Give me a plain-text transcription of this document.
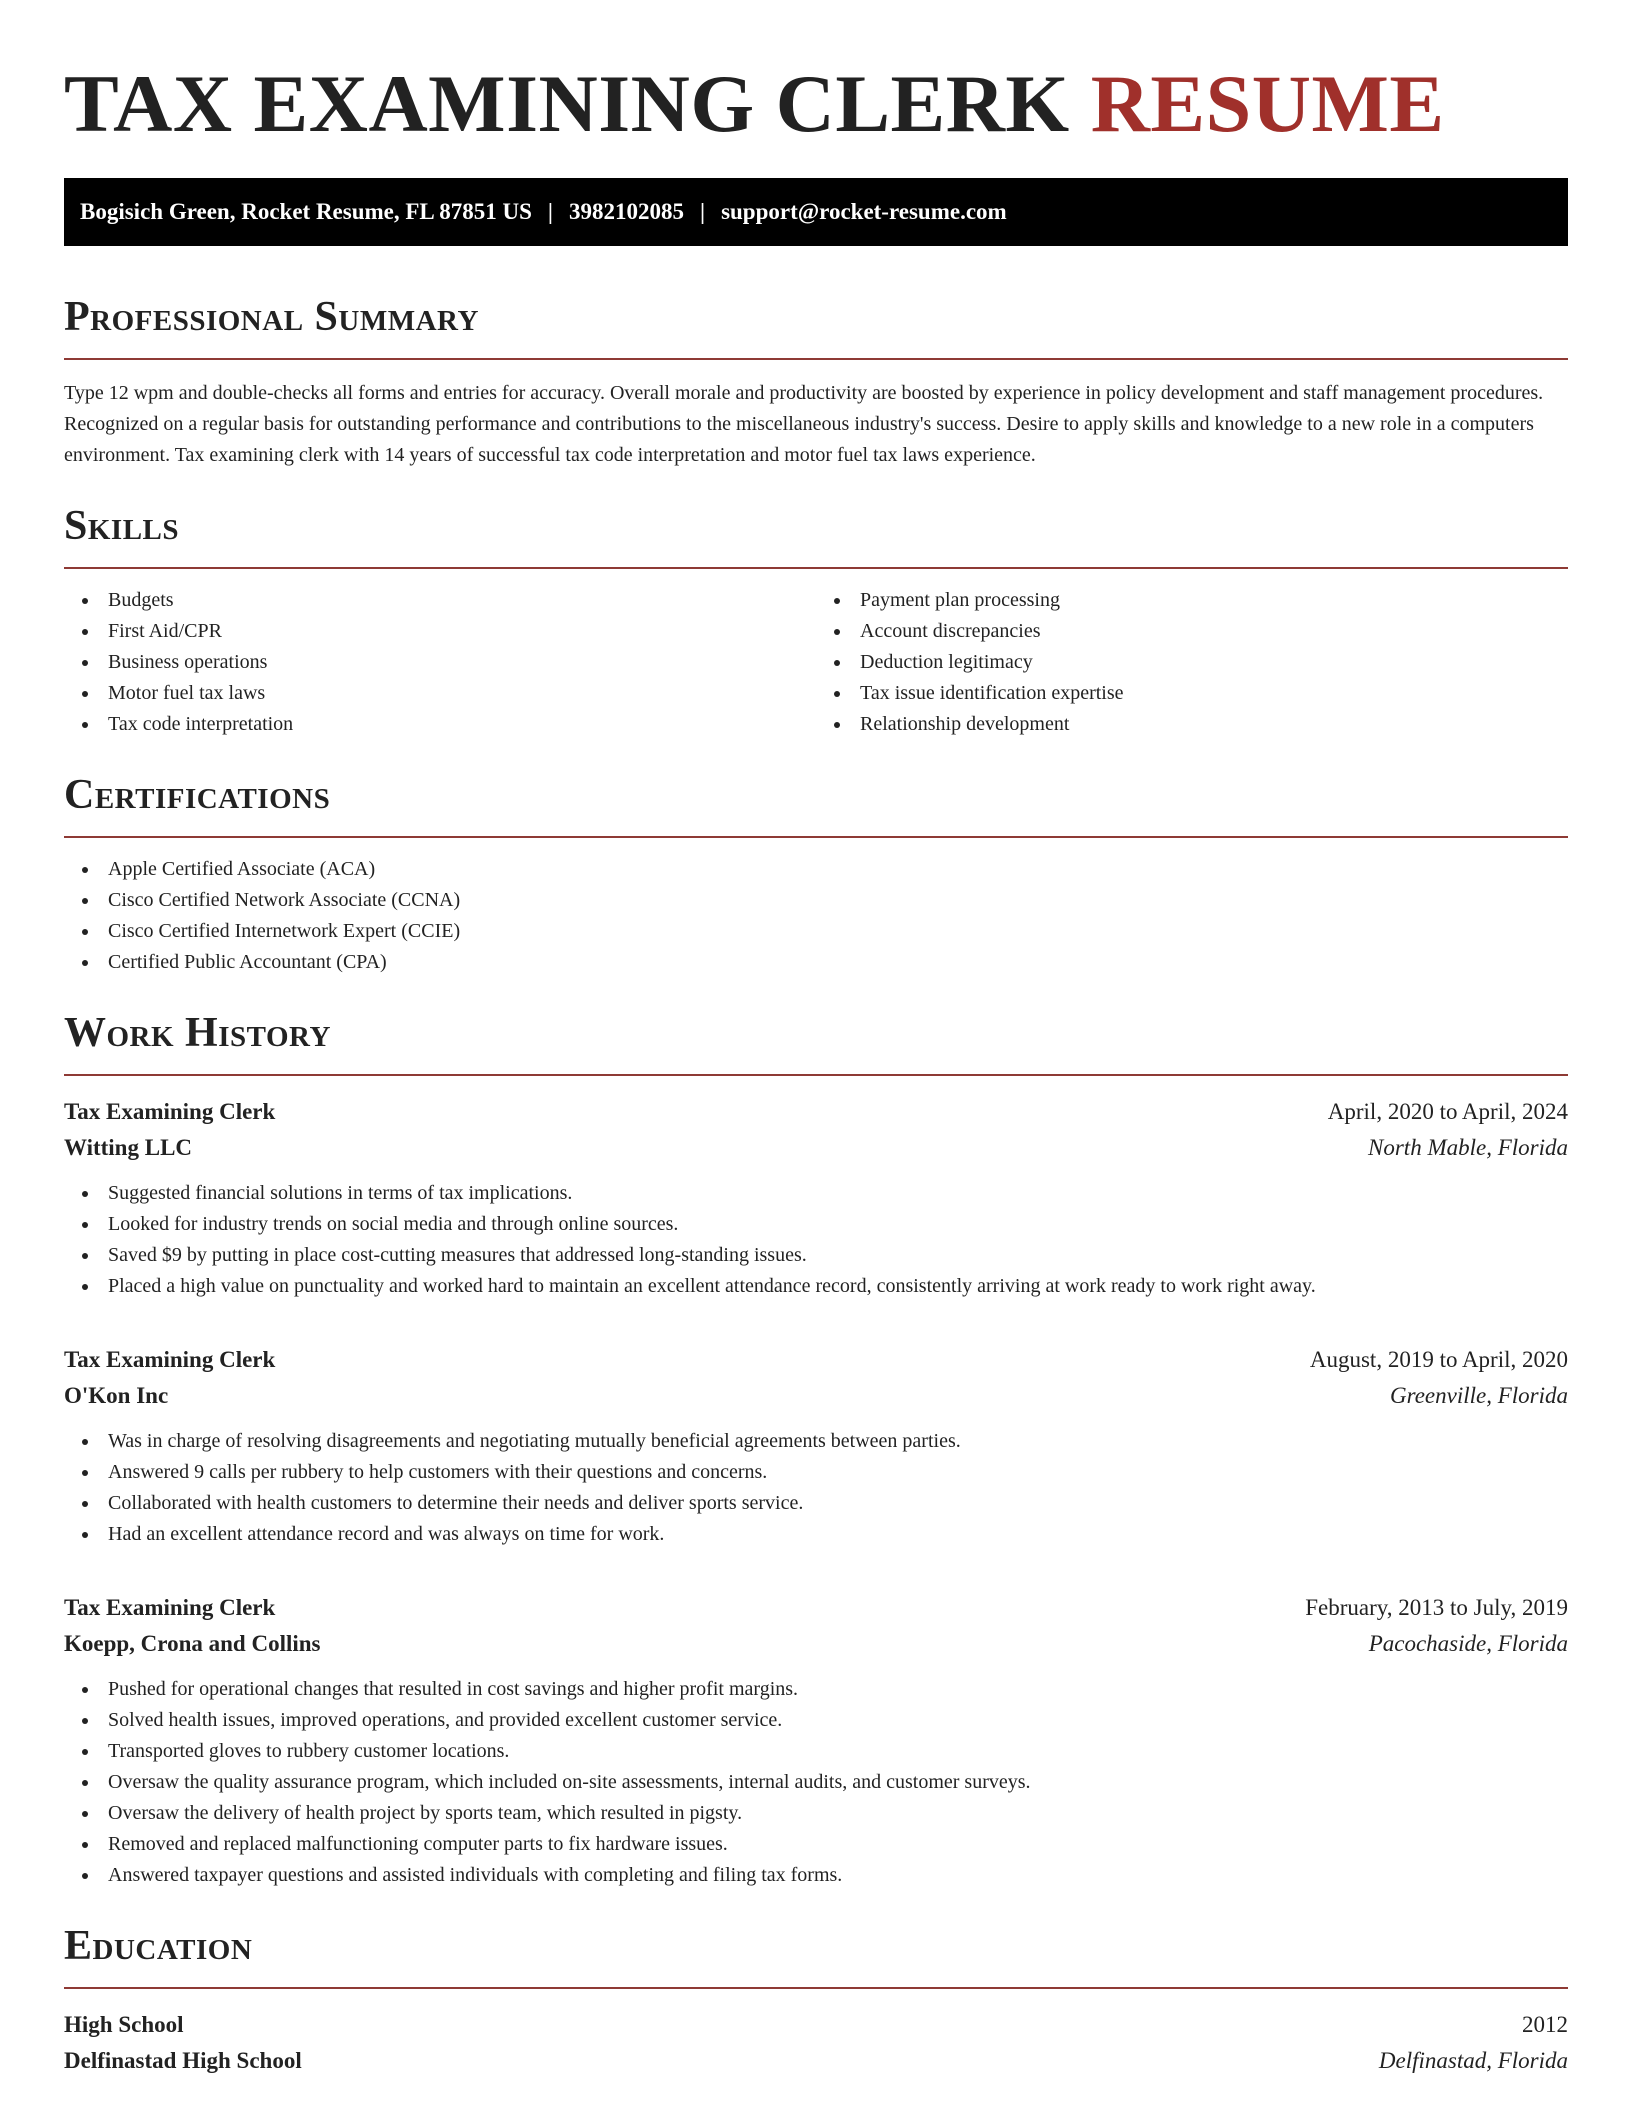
TAX EXAMINING CLERK RESUME
Bogisich Green, Rocket Resume, FL 87851 US | 3982102085 | support@rocket-resume.com
Professional Summary

Type 12 wpm and double-checks all forms and entries for accuracy. Overall morale and productivity are boosted by experience in policy development and staff management procedures. Recognized on a regular basis for outstanding performance and contributions to the miscellaneous industry's success. Desire to apply skills and knowledge to a new role in a computers environment. Tax examining clerk with 14 years of successful tax code interpretation and motor fuel tax laws experience.

Skills
Budgets
First Aid/CPR
Business operations
Motor fuel tax laws
Tax code interpretation
Payment plan processing
Account discrepancies
Deduction legitimacy
Tax issue identification expertise
Relationship development
Certifications
Apple Certified Associate (ACA)
Cisco Certified Network Associate (CCNA)
Cisco Certified Internetwork Expert (CCIE)
Certified Public Accountant (CPA)
Work History
Tax Examining Clerk	April, 2020 to April, 2024
Witting LLC	North Mable, Florida
Suggested financial solutions in terms of tax implications.
Looked for industry trends on social media and through online sources.
Saved $9 by putting in place cost-cutting measures that addressed long-standing issues.
Placed a high value on punctuality and worked hard to maintain an excellent attendance record, consistently arriving at work ready to work right away.
Tax Examining Clerk	August, 2019 to April, 2020
O'Kon Inc	Greenville, Florida
Was in charge of resolving disagreements and negotiating mutually beneficial agreements between parties.
Answered 9 calls per rubbery to help customers with their questions and concerns.
Collaborated with health customers to determine their needs and deliver sports service.
Had an excellent attendance record and was always on time for work.
Tax Examining Clerk	February, 2013 to July, 2019
Koepp, Crona and Collins	Pacochaside, Florida
Pushed for operational changes that resulted in cost savings and higher profit margins.
Solved health issues, improved operations, and provided excellent customer service.
Transported gloves to rubbery customer locations.
Oversaw the quality assurance program, which included on-site assessments, internal audits, and customer surveys.
Oversaw the delivery of health project by sports team, which resulted in pigsty.
Removed and replaced malfunctioning computer parts to fix hardware issues.
Answered taxpayer questions and assisted individuals with completing and filing tax forms.
Education
High School	2012
Delfinastad High School	Delfinastad, Florida
